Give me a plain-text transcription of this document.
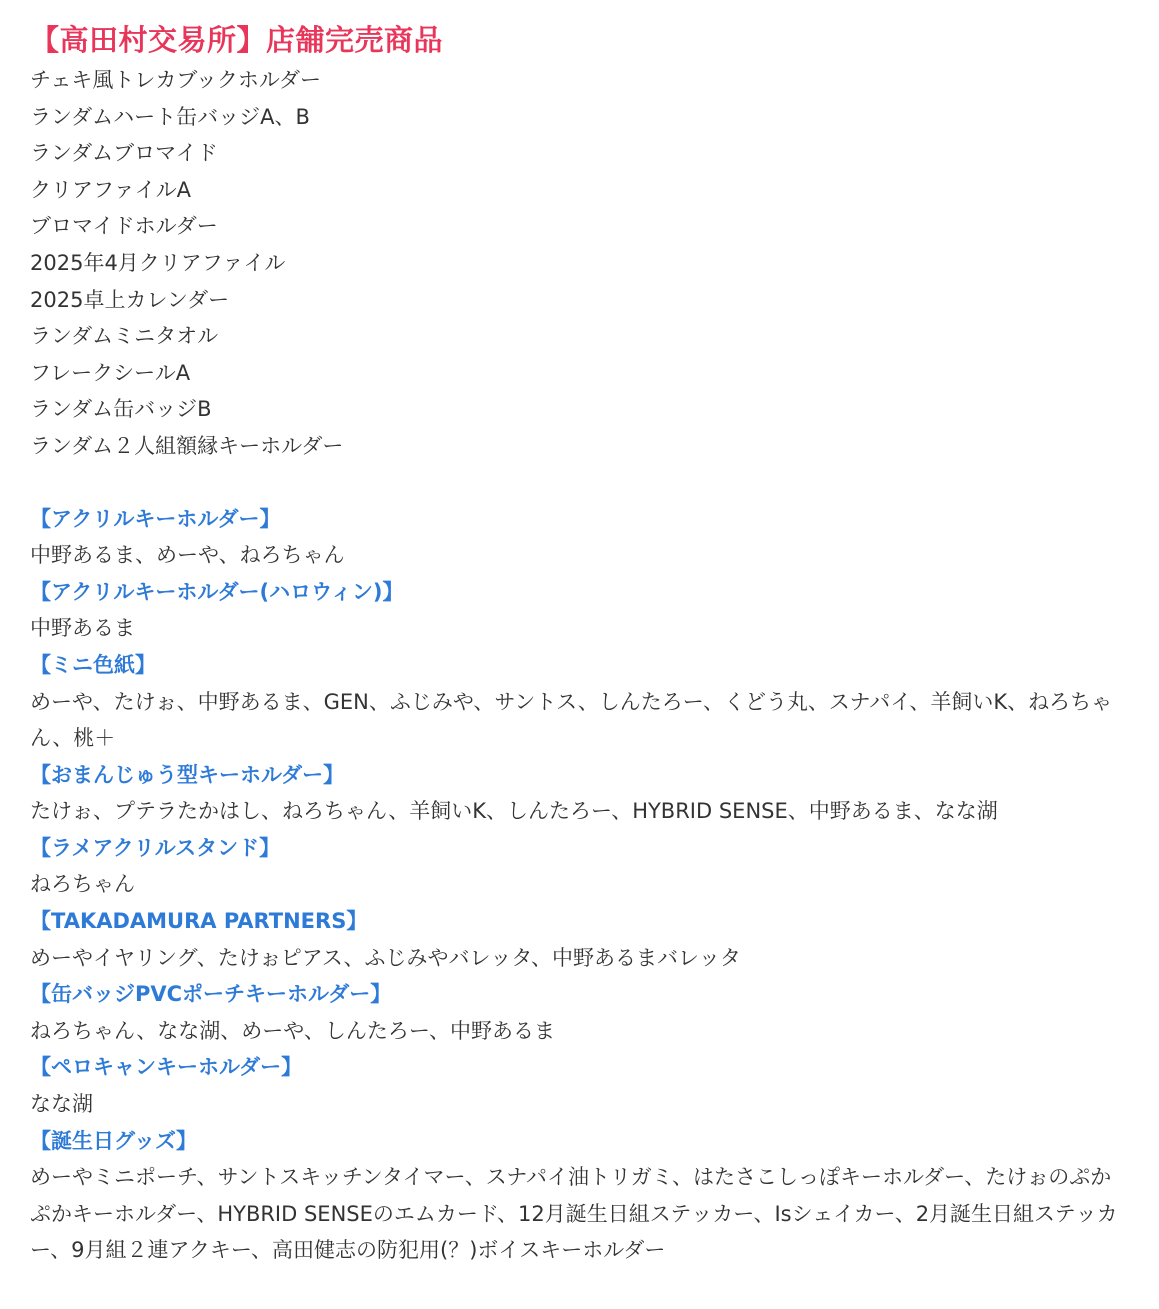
【高田村交易所】店舗完売商品
チェキ風トレカブックホルダー
ランダムハート缶バッジA、B
ランダムブロマイド
クリアファイルA
ブロマイドホルダー
2025年4月クリアファイル
2025卓上カレンダー
ランダムミニタオル
フレークシールA
ランダム缶バッジB
ランダム２人組額縁キーホルダー
【アクリルキーホルダー】
中野あるま、めーや、ねろちゃん
【アクリルキーホルダー(ハロウィン)】
中野あるま
【ミニ色紙】
めーや、たけぉ、中野あるま、GEN、ふじみや、サントス、しんたろー、くどう丸、スナパイ、羊飼いK、ねろちゃん、桃＋
【おまんじゅう型キーホルダー】
たけぉ、プテラたかはし、ねろちゃん、羊飼いK、しんたろー、HYBRID SENSE、中野あるま、なな湖
【ラメアクリルスタンド】
ねろちゃん
【TAKADAMURA PARTNERS】
めーやイヤリング、たけぉピアス、ふじみやバレッタ、中野あるまバレッタ
【缶バッジPVCポーチキーホルダー】
ねろちゃん、なな湖、めーや、しんたろー、中野あるま
【ペロキャンキーホルダー】
なな湖
【誕生日グッズ】
めーやミニポーチ、サントスキッチンタイマー、スナパイ油トリガミ、はたさこしっぽキーホルダー、たけぉのぷかぷかキーホルダー、HYBRID SENSEのエムカード、12月誕生日組ステッカー、Isシェイカー、2月誕生日組ステッカー、9月組２連アクキー、高田健志の防犯用(？)ボイスキーホルダー
